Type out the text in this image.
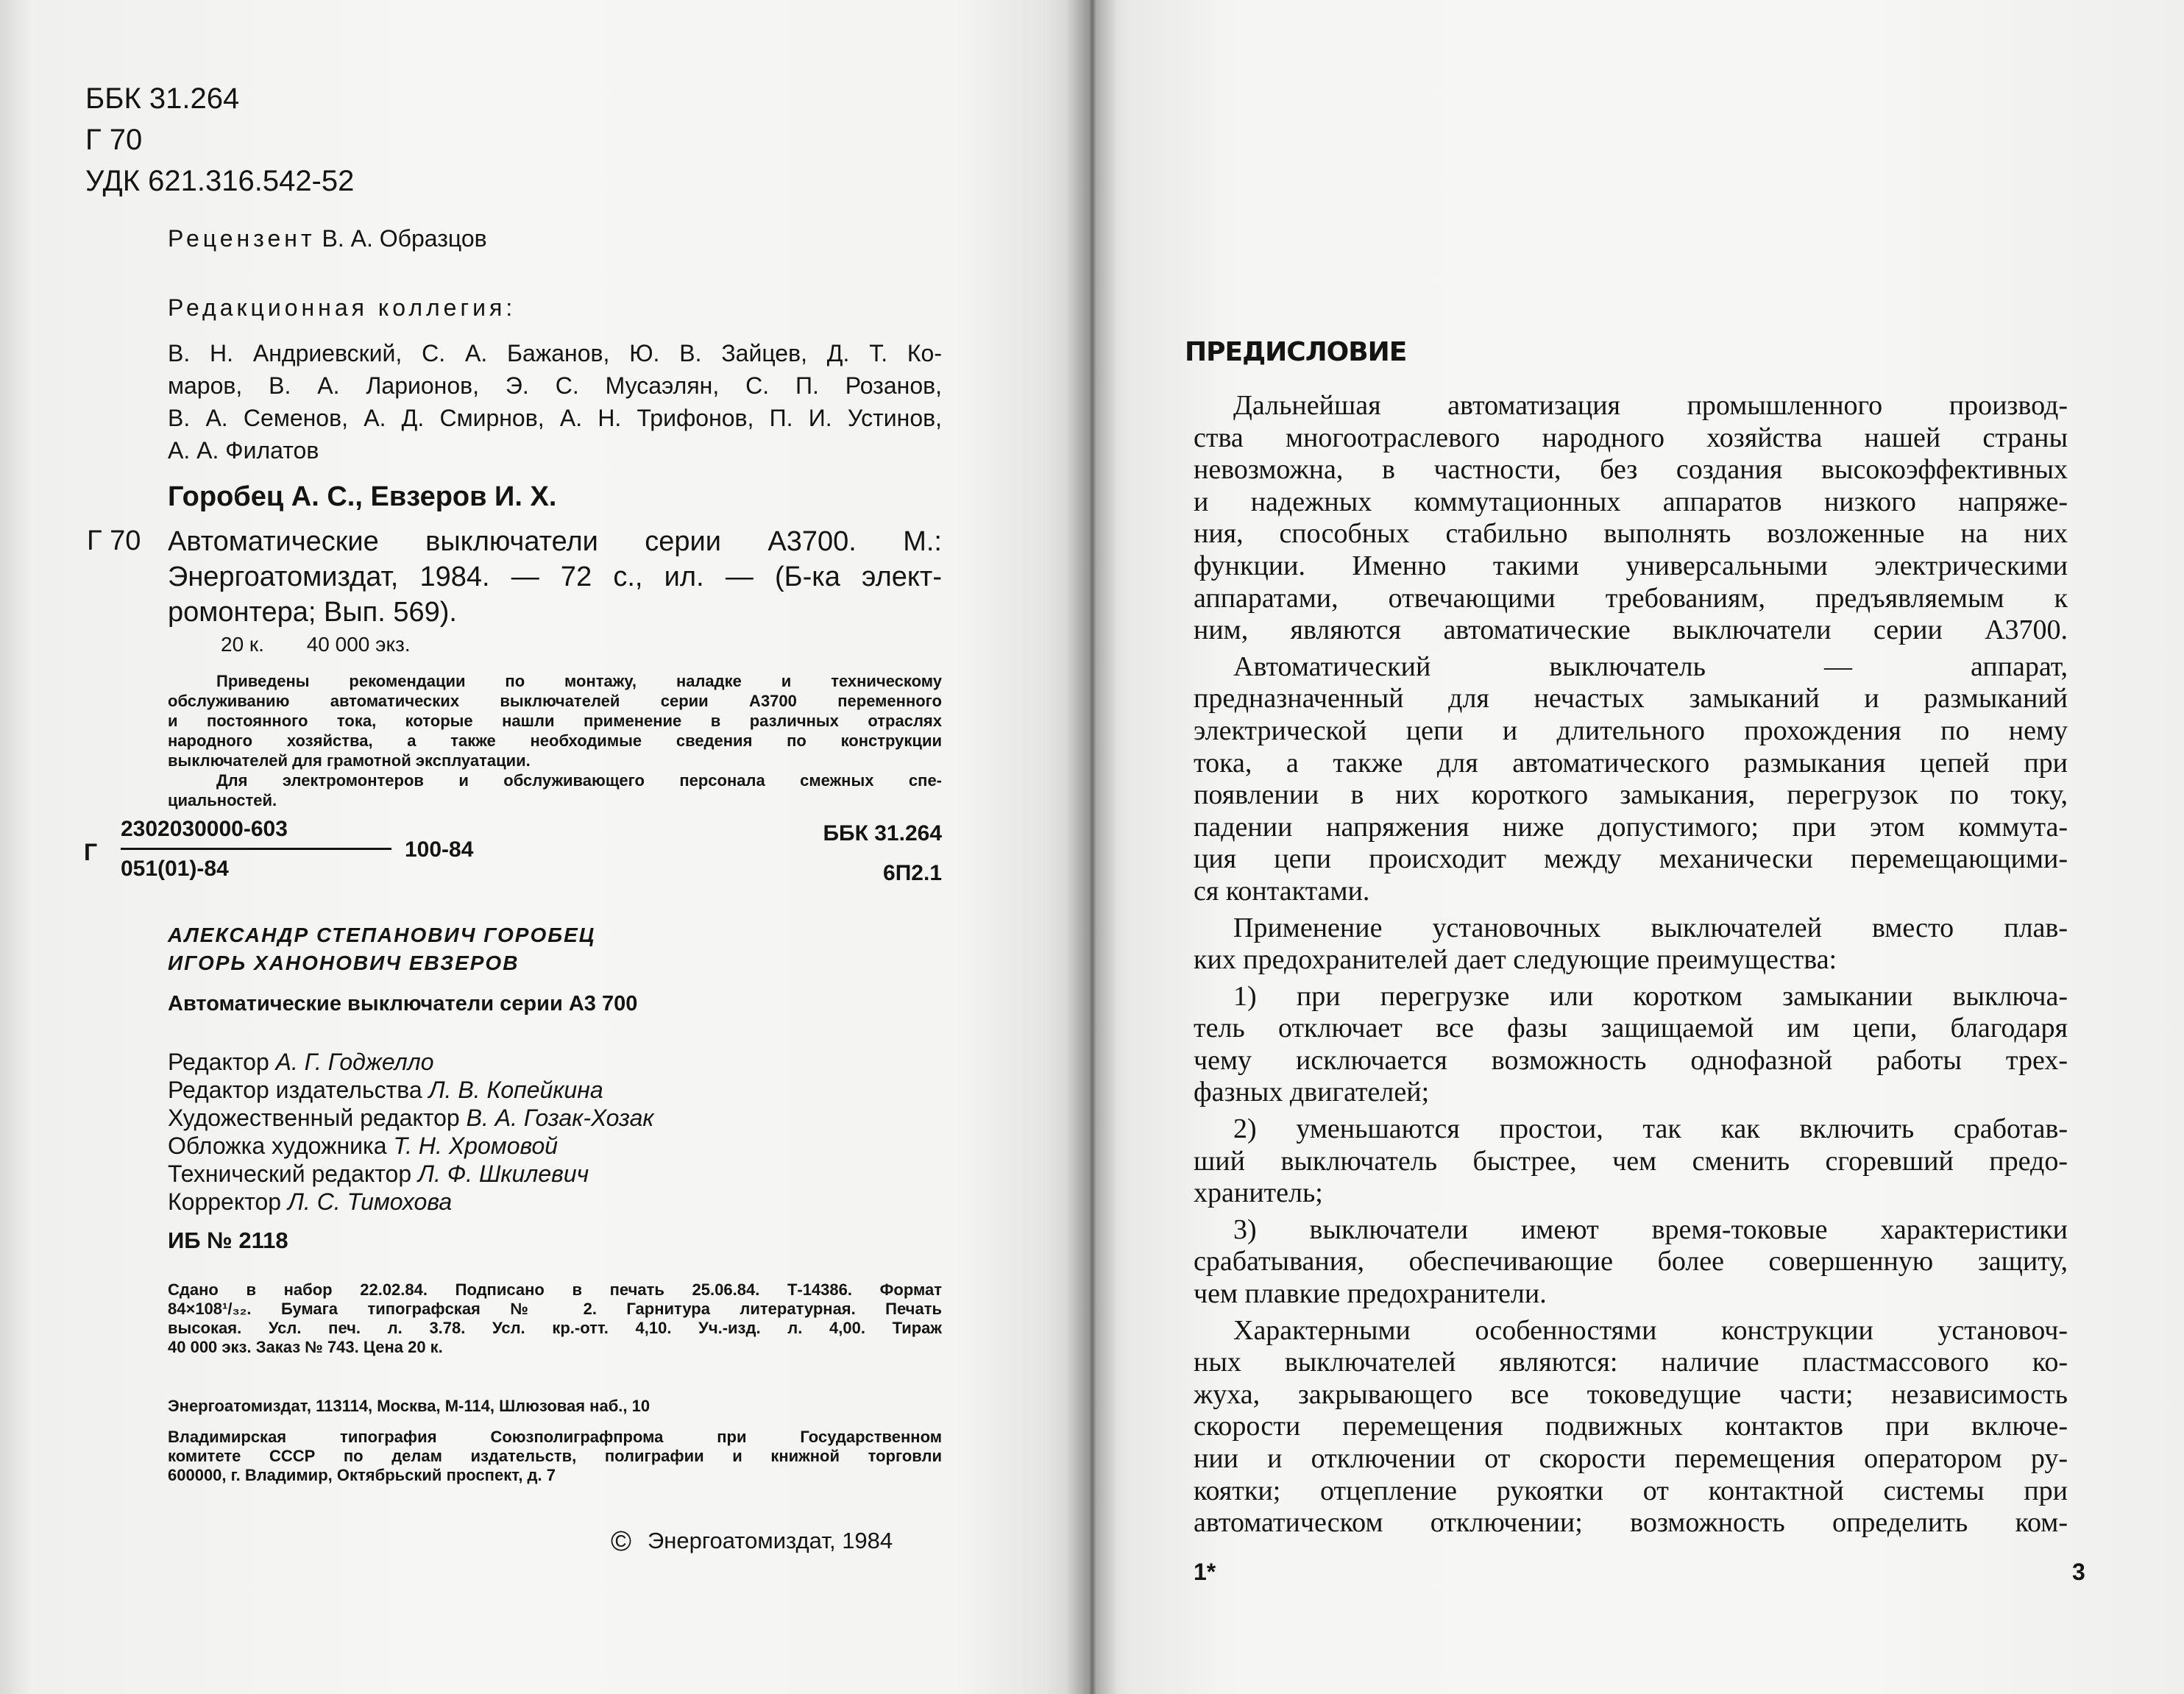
ББК 31.264
Г 70
УДК 621.316.542-52
Рецензент В. А. Образцов
Редакционная коллегия:
В. Н. Андриевский, С. А. Бажанов, Ю. В. Зайцев, Д. Т. Ко-
маров, В. А. Ларионов, Э. С. Мусаэлян, С. П. Розанов,
В. А. Семенов, А. Д. Смирнов, А. Н. Трифонов, П. И. Устинов,
А. А. Филатов
Горобец А. С., Евзеров И. Х.
Г 70 Автоматические выключатели серии А3700. М.:
Энергоатомиздат, 1984. — 72 с., ил. — (Б-ка элект-
ромонтера; Вып. 569).
20 к. 40 000 экз.
Приведены рекомендации по монтажу, наладке и техническому
обслуживанию автоматических выключателей серии А3700 переменного
и постоянного тока, которые нашли применение в различных отраслях
народного хозяйства, а также необходимые сведения по конструкции
выключателей для грамотной эксплуатации.
Для электромонтеров и обслуживающего персонала смежных спе-
циальностей.
Г
2302030000-603
051(01)-84
100-84
ББК 31.264
6П2.1
АЛЕКСАНДР СТЕПАНОВИЧ ГОРОБЕЦ
ИГОРЬ ХАНОНОВИЧ ЕВЗЕРОВ
Автоматические выключатели серии А3 700
Редактор А. Г. Годжелло
Редактор издательства Л. В. Копейкина
Художественный редактор В. А. Гозак-Хозак
Обложка художника Т. Н. Хромовой
Технический редактор Л. Ф. Шкилевич
Корректор Л. С. Тимохова
ИБ № 2118
Сдано в набор 22.02.84. Подписано в печать 25.06.84. Т-14386. Формат
84×108¹/₃₂. Бумага типографская № 2. Гарнитура литературная. Печать
высокая. Усл. печ. л. 3.78. Усл. кр.-отт. 4,10. Уч.-изд. л. 4,00. Тираж
40 000 экз. Заказ № 743. Цена 20 к.
Энергоатомиздат, 113114, Москва, М-114, Шлюзовая наб., 10
Владимирская типография Союзполиграфпрома при Государственном
комитете СССР по делам издательств, полиграфии и книжной торговли
600000, г. Владимир, Октябрьский проспект, д. 7
© Энергоатомиздат, 1984
ПРЕДИСЛОВИЕ
Дальнейшая автоматизация промышленного производ-
ства многоотраслевого народного хозяйства нашей страны
невозможна, в частности, без создания высокоэффективных
и надежных коммутационных аппаратов низкого напряже-
ния, способных стабильно выполнять возложенные на них
функции. Именно такими универсальными электрическими
аппаратами, отвечающими требованиям, предъявляемым к
ним, являются автоматические выключатели серии А3700.
Автоматический выключатель — аппарат,
предназначенный для нечастых замыканий и размыканий
электрической цепи и длительного прохождения по нему
тока, а также для автоматического размыкания цепей при
появлении в них короткого замыкания, перегрузок по току,
падении напряжения ниже допустимого; при этом коммута-
ция цепи происходит между механически перемещающими-
ся контактами.
Применение установочных выключателей вместо плав-
ких предохранителей дает следующие преимущества:
1) при перегрузке или коротком замыкании выключа-
тель отключает все фазы защищаемой им цепи, благодаря
чему исключается возможность однофазной работы трех-
фазных двигателей;
2) уменьшаются простои, так как включить сработав-
ший выключатель быстрее, чем сменить сгоревший предо-
хранитель;
3) выключатели имеют время-токовые характеристики
срабатывания, обеспечивающие более совершенную защиту,
чем плавкие предохранители.
Характерными особенностями конструкции установоч-
ных выключателей являются: наличие пластмассового ко-
жуха, закрывающего все токоведущие части; независимость
скорости перемещения подвижных контактов при включе-
нии и отключении от скорости перемещения оператором ру-
коятки; отцепление рукоятки от контактной системы при
автоматическом отключении; возможность определить ком-
1*	3
